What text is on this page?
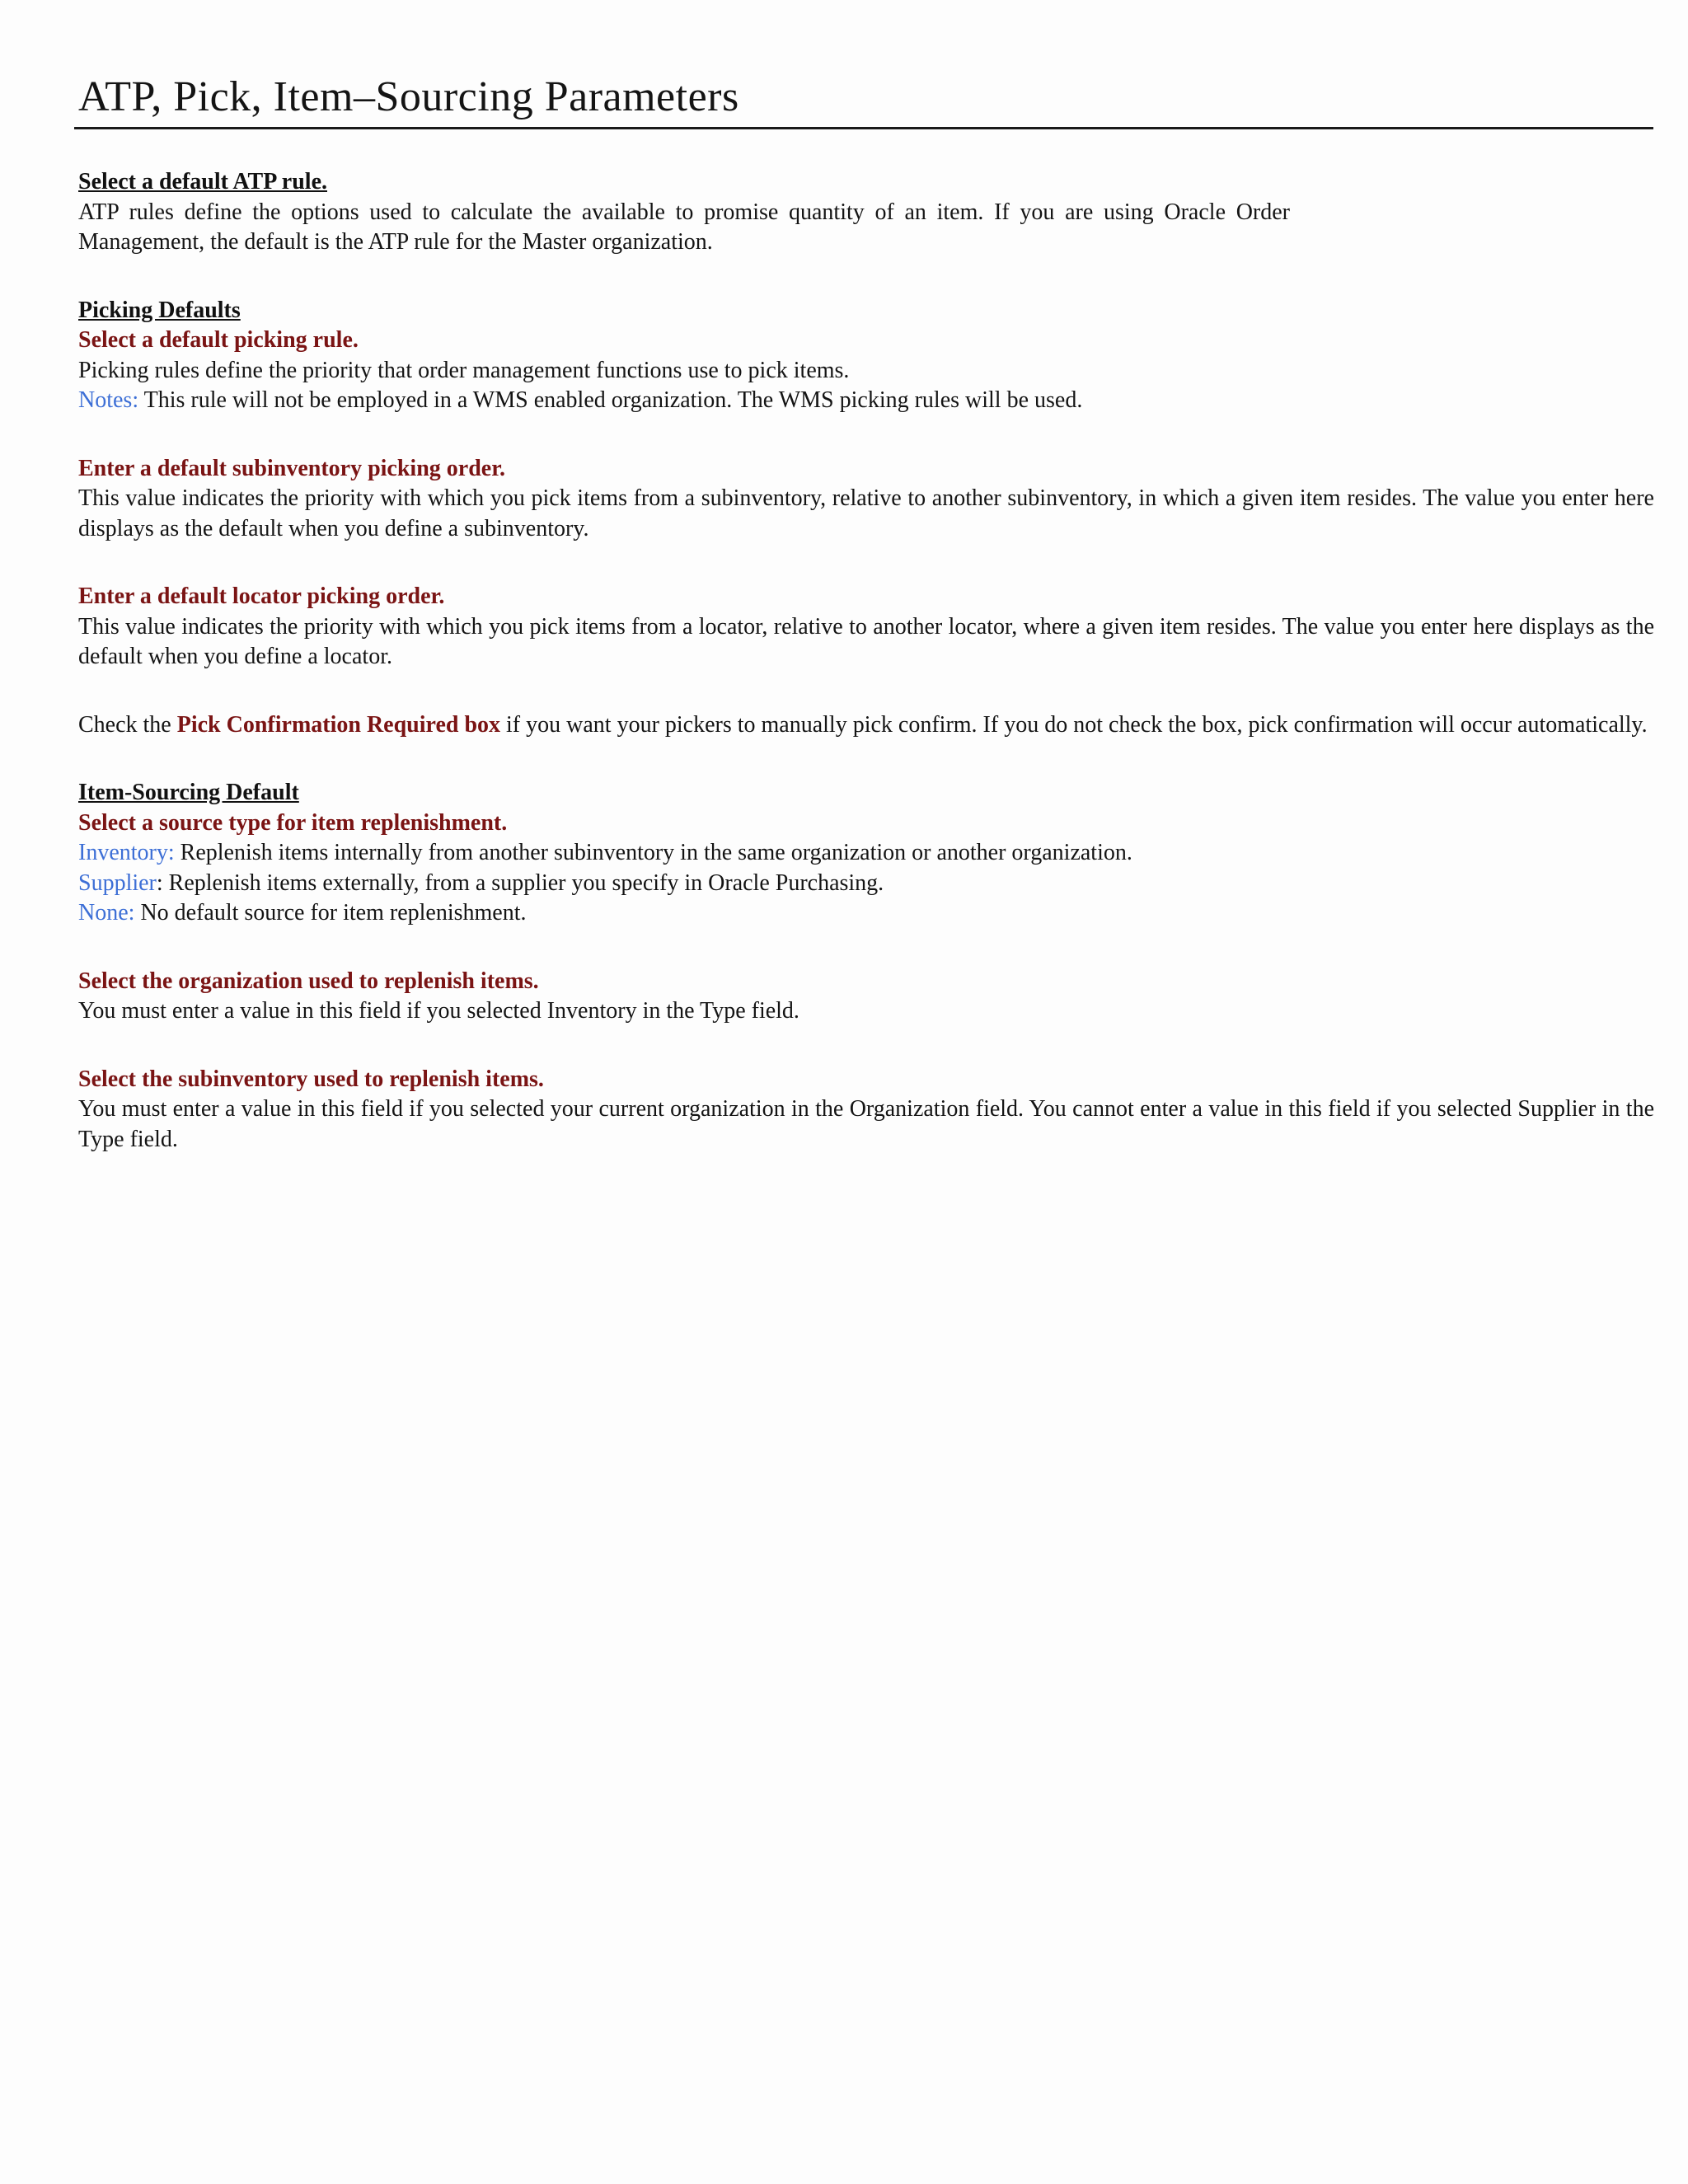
ATP, Pick, Item–Sourcing Parameters
Select a default ATP rule.
ATP rules define the options used to calculate the available to promise quantity of an item. If you are using Oracle Order Management, the default is the ATP rule for the Master organization.
Picking Defaults
Select a default picking rule.
Picking rules define the priority that order management functions use to pick items.
Notes: This rule will not be employed in a WMS enabled organization. The WMS picking rules will be used.
Enter a default subinventory picking order.
This value indicates the priority with which you pick items from a subinventory, relative to another subinventory, in which a given item resides. The value you enter here displays as the default when you define a subinventory.
Enter a default locator picking order.
This value indicates the priority with which you pick items from a locator, relative to another locator, where a given item resides. The value you enter here displays as the default when you define a locator.
Check the Pick Confirmation Required box if you want your pickers to manually pick confirm. If you do not check the box, pick confirmation will occur automatically.
Item-Sourcing Default
Select a source type for item replenishment.
Inventory: Replenish items internally from another subinventory in the same organization or another organization.
Supplier: Replenish items externally, from a supplier you specify in Oracle Purchasing.
None: No default source for item replenishment.
Select the organization used to replenish items.
You must enter a value in this field if you selected Inventory in the Type field.
Select the subinventory used to replenish items.
You must enter a value in this field if you selected your current organization in the Organization field. You cannot enter a value in this field if you selected Supplier in the Type field.
